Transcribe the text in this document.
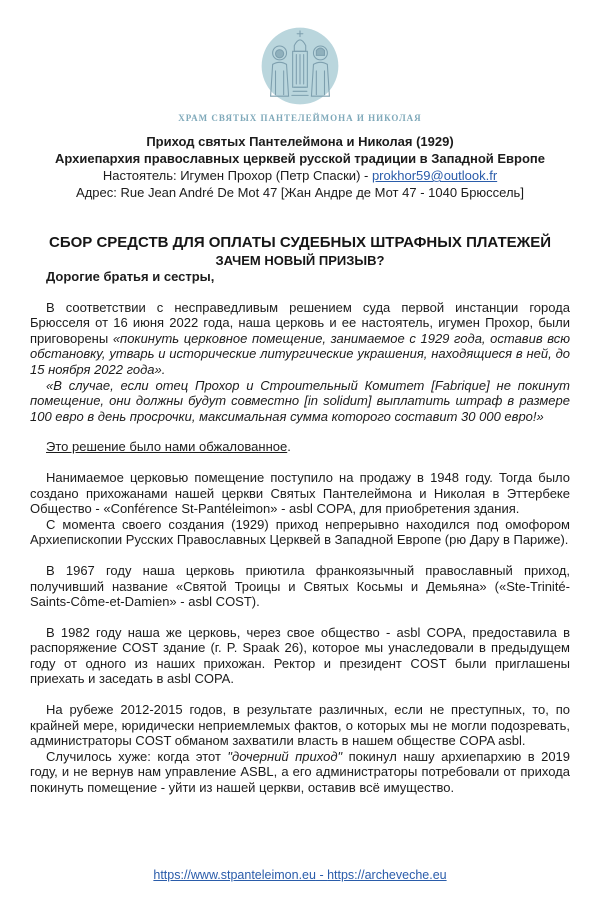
ХРАМ СВЯТЫХ ПАНТЕЛЕЙМОНА И НИКОЛАЯ
Приход святых Пантелеймона и Николая (1929)
Архиепархия православных церквей русской традиции в Западной Европе
Настоятель: Игумен Прохор (Петр Спаски) - prokhor59@outlook.fr
Адрес: Rue Jean André De Mot 47 [Жан Андре де Мот 47 - 1040 Брюссель]
СБОР СРЕДСТВ ДЛЯ ОПЛАТЫ СУДЕБНЫХ ШТРАФНЫХ ПЛАТЕЖЕЙ
ЗАЧЕМ НОВЫЙ ПРИЗЫВ?

Дорогие братья и сестры,

В соответствии с несправедливым решением суда первой инстанции города Брюсселя от 16 июня 2022 года, наша церковь и ее настоятель, игумен Прохор, были приговорены «покинуть церковное помещение, занимаемое с 1929 года, оставив всю обстановку, утварь и исторические литургические украшения, находящиеся в ней, до 15 ноября 2022 года».

«В случае, если отец Прохор и Строительный Комитет [Fabrique] не покинут помещение, они должны будут совместно [in solidum] выплатить штраф в размере 100 евро в день просрочки, максимальная сумма которого составит 30 000 евро!»

Это решение было нами обжалованное.

Нанимаемое церковью помещение поступило на продажу в 1948 году. Тогда было создано прихожанами нашей церкви Святых Пантелеймона и Николая в Эттербеке Общество - «Conférence St-Pantéleimon» - asbl COPA, для приобретения здания.

С момента своего создания (1929) приход непрерывно находился под омофором Архиепископии Русских Православных Церквей в Западной Европе (рю Дару в Париже).

В 1967 году наша церковь приютила франкоязычный православный приход, получивший название «Святой Троицы и Святых Косьмы и Демьяна» («Ste-Trinité-Saints-Côme-et-Damien» - asbl COST).

В 1982 году наша же церковь, через свое общество - asbl COPA, предоставила в распоряжение COST здание (г. P. Spaak 26), которое мы унаследовали в предыдущем году от одного из наших прихожан. Ректор и президент COST были приглашены приехать и заседать в asbl COPA.

На рубеже 2012-2015 годов, в результате различных, если не преступных, то, по крайней мере, юридически неприемлемых фактов, о которых мы не могли подозревать, администраторы COST обманом захватили власть в нашем обществе COPA asbl.

Случилось хуже: когда этот "дочерний приход" покинул нашу архиепархию в 2019 году, и не вернув нам управление ASBL, а его администраторы потребовали от прихода покинуть помещение - уйти из нашей церкви, оставив всё имущество.

https://www.stpanteleimon.eu - https://archeveche.eu
